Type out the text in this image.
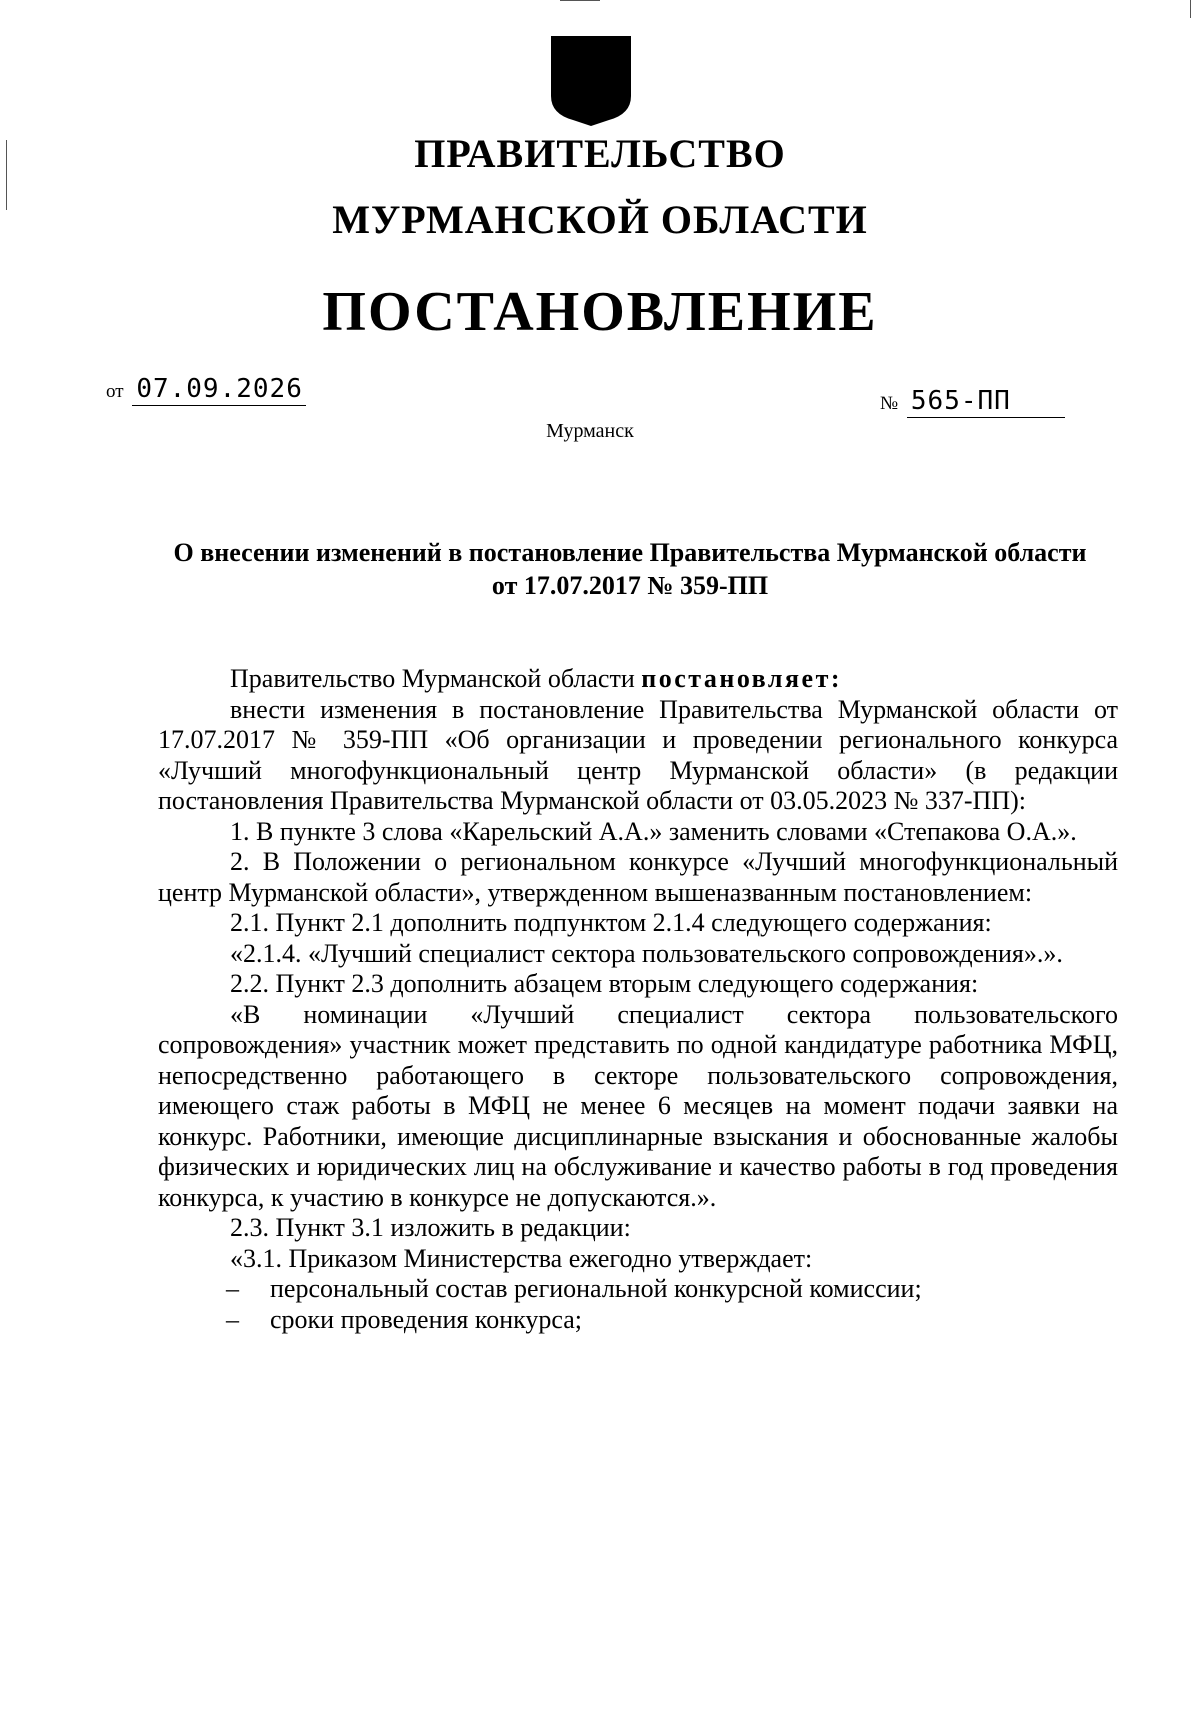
ПРАВИТЕЛЬСТВО
МУРМАНСКОЙ ОБЛАСТИ
ПОСТАНОВЛЕНИЕ
от 07.09.2026	№ 565-ПП
Мурманск
О внесении изменений в постановление Правительства Мурманской области от 17.07.2017 № 359-ПП

Правительство Мурманской области постановляет:

внести изменения в постановление Правительства Мурманской области от 17.07.2017 № 359-ПП «Об организации и проведении регионального конкурса «Лучший многофункциональный центр Мурманской области» (в редакции постановления Правительства Мурманской области от 03.05.2023 № 337-ПП):

1. В пункте 3 слова «Карельский А.А.» заменить словами «Степакова О.А.».

2. В Положении о региональном конкурсе «Лучший многофункциональный центр Мурманской области», утвержденном вышеназванным постановлением:

2.1. Пункт 2.1 дополнить подпунктом 2.1.4 следующего содержания:

«2.1.4. «Лучший специалист сектора пользовательского сопровождения».».

2.2. Пункт 2.3 дополнить абзацем вторым следующего содержания:

«В номинации «Лучший специалист сектора пользовательского сопровождения» участник может представить по одной кандидатуре работника МФЦ, непосредственно работающего в секторе пользовательского сопровождения, имеющего стаж работы в МФЦ не менее 6 месяцев на момент подачи заявки на конкурс. Работники, имеющие дисциплинарные взыскания и обоснованные жалобы физических и юридических лиц на обслуживание и качество работы в год проведения конкурса, к участию в конкурсе не допускаются.».

2.3. Пункт 3.1 изложить в редакции:

«3.1. Приказом Министерства ежегодно утверждает:

– персональный состав региональной конкурсной комиссии;

– сроки проведения конкурса;
